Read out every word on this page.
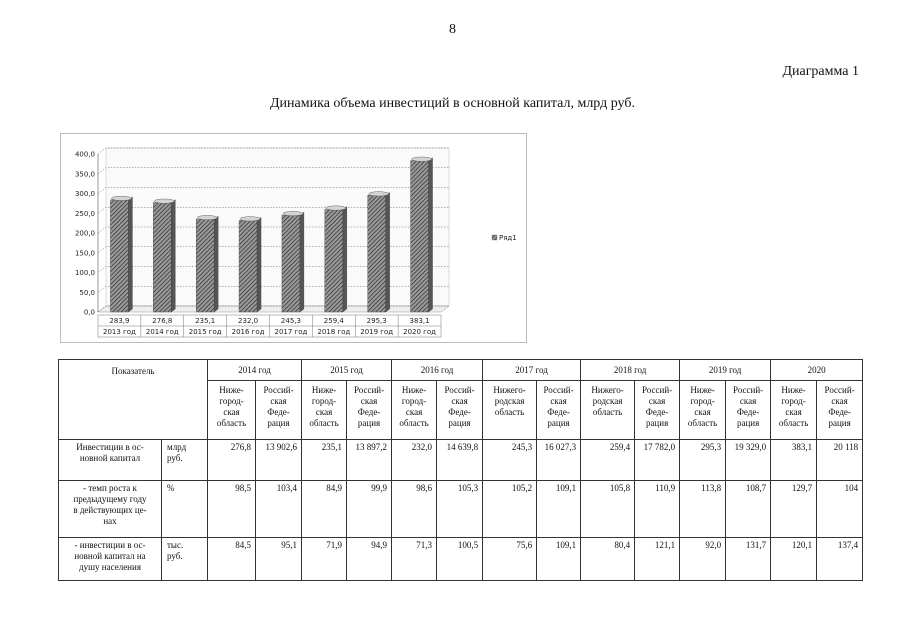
8
Диаграмма 1
Динамика объема инвестиций в основной капитал, млрд руб.
0,0
50,0
100,0
150,0
200,0
250,0
300,0
350,0
400,0
283,9
2013 год
276,8
2014 год
235,1
2015 год
232,0
2016 год
245,3
2017 год
259,4
2018 год
295,3
2019 год
383,1
2020 год
Ряд1
Показатель		2014 год		2015 год		2016 год		2017 год		2018 год		2019 год		2020	
		Ниже-
город-
ская
область	Россий-
ская
Феде-
рация	Ниже-
город-
ская
область	Россий-
ская
Феде-
рация	Ниже-
город-
ская
область	Россий-
ская
Феде-
рация	Нижего-
родская
область	Россий-
ская
Феде-
рация	Нижего-
родская
область	Россий-
ская
Феде-
рация	Ниже-
город-
ская
область	Россий-
ская
Феде-
рация	Ниже-
город-
ская
область	Россий-
ская
Феде-
рация
Инвестиции в ос-
новной капитал	млрд
руб.	276,8	13 902,6	235,1	13 897,2	232,0	14 639,8	245,3	16 027,3	259,4	17 782,0	295,3	19 329,0	383,1	20 118
- темп роста к
предыдущему году
в действующих це-
нах	%	98,5	103,4	84,9	99,9	98,6	105,3	105,2	109,1	105,8	110,9	113,8	108,7	129,7	104
- инвестиции в ос-
новной капитал на
душу населения	тыс.
руб.	84,5	95,1	71,9	94,9	71,3	100,5	75,6	109,1	80,4	121,1	92,0	131,7	120,1	137,4
